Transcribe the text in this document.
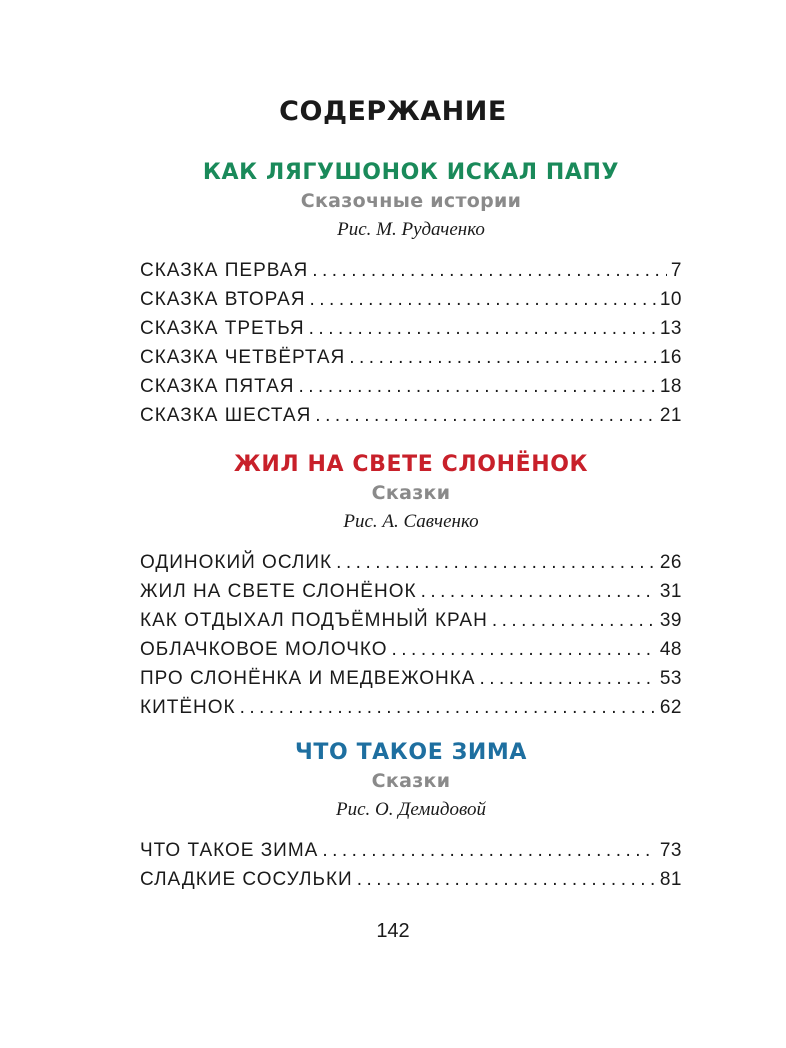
СОДЕРЖАНИЕ
КАК ЛЯГУШОНОК ИСКАЛ ПАПУ
Сказочные истории
Рис. М. Рудаченко
СКАЗКА ПЕРВАЯ .....	7
СКАЗКА ВТОРАЯ .....	10
СКАЗКА ТРЕТЬЯ .....	13
СКАЗКА ЧЕТВЁРТАЯ .....	16
СКАЗКА ПЯТАЯ .....	18
СКАЗКА ШЕСТАЯ .....	21
ЖИЛ НА СВЕТЕ СЛОНЁНОК
Сказки
Рис. А. Савченко
ОДИНОКИЙ ОСЛИК .....	26
ЖИЛ НА СВЕТЕ СЛОНЁНОК .....	31
КАК ОТДЫХАЛ ПОДЪЁМНЫЙ КРАН .....	39
ОБЛАЧКОВОЕ МОЛОЧКО .....	48
ПРО СЛОНЁНКА И МЕДВЕЖОНКА .....	53
КИТЁНОК .....	62
ЧТО ТАКОЕ ЗИМА
Сказки
Рис. О. Демидовой
ЧТО ТАКОЕ ЗИМА .....	73
СЛАДКИЕ СОСУЛЬКИ .....	81
142
